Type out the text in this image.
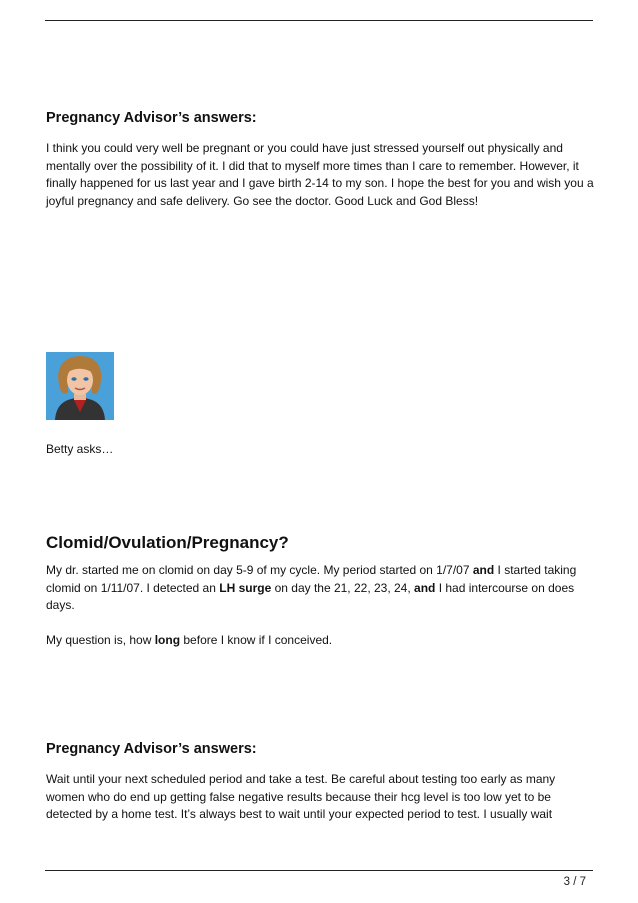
Pregnancy Advisor’s answers:

I think you could very well be pregnant or you could have just stressed yourself out physically and mentally over the possibility of it. I did that to myself more times than I care to remember. However, it finally happened for us last year and I gave birth 2-14 to my son. I hope the best for you and wish you a joyful pregnancy and safe delivery. Go see the doctor. Good Luck and God Bless!

Betty asks…

Clomid/Ovulation/Pregnancy?

My dr. started me on clomid on day 5-9 of my cycle. My period started on 1/7/07 and I started taking clomid on 1/11/07. I detected an LH surge on day the 21, 22, 23, 24, and I had intercourse on does days.

My question is, how long before I know if I conceived.

Pregnancy Advisor’s answers:

Wait until your next scheduled period and take a test. Be careful about testing too early as many women who do end up getting false negative results because their hcg level is too low yet to be detected by a home test. It’s always best to wait until your expected period to test. I usually wait

3 / 7
